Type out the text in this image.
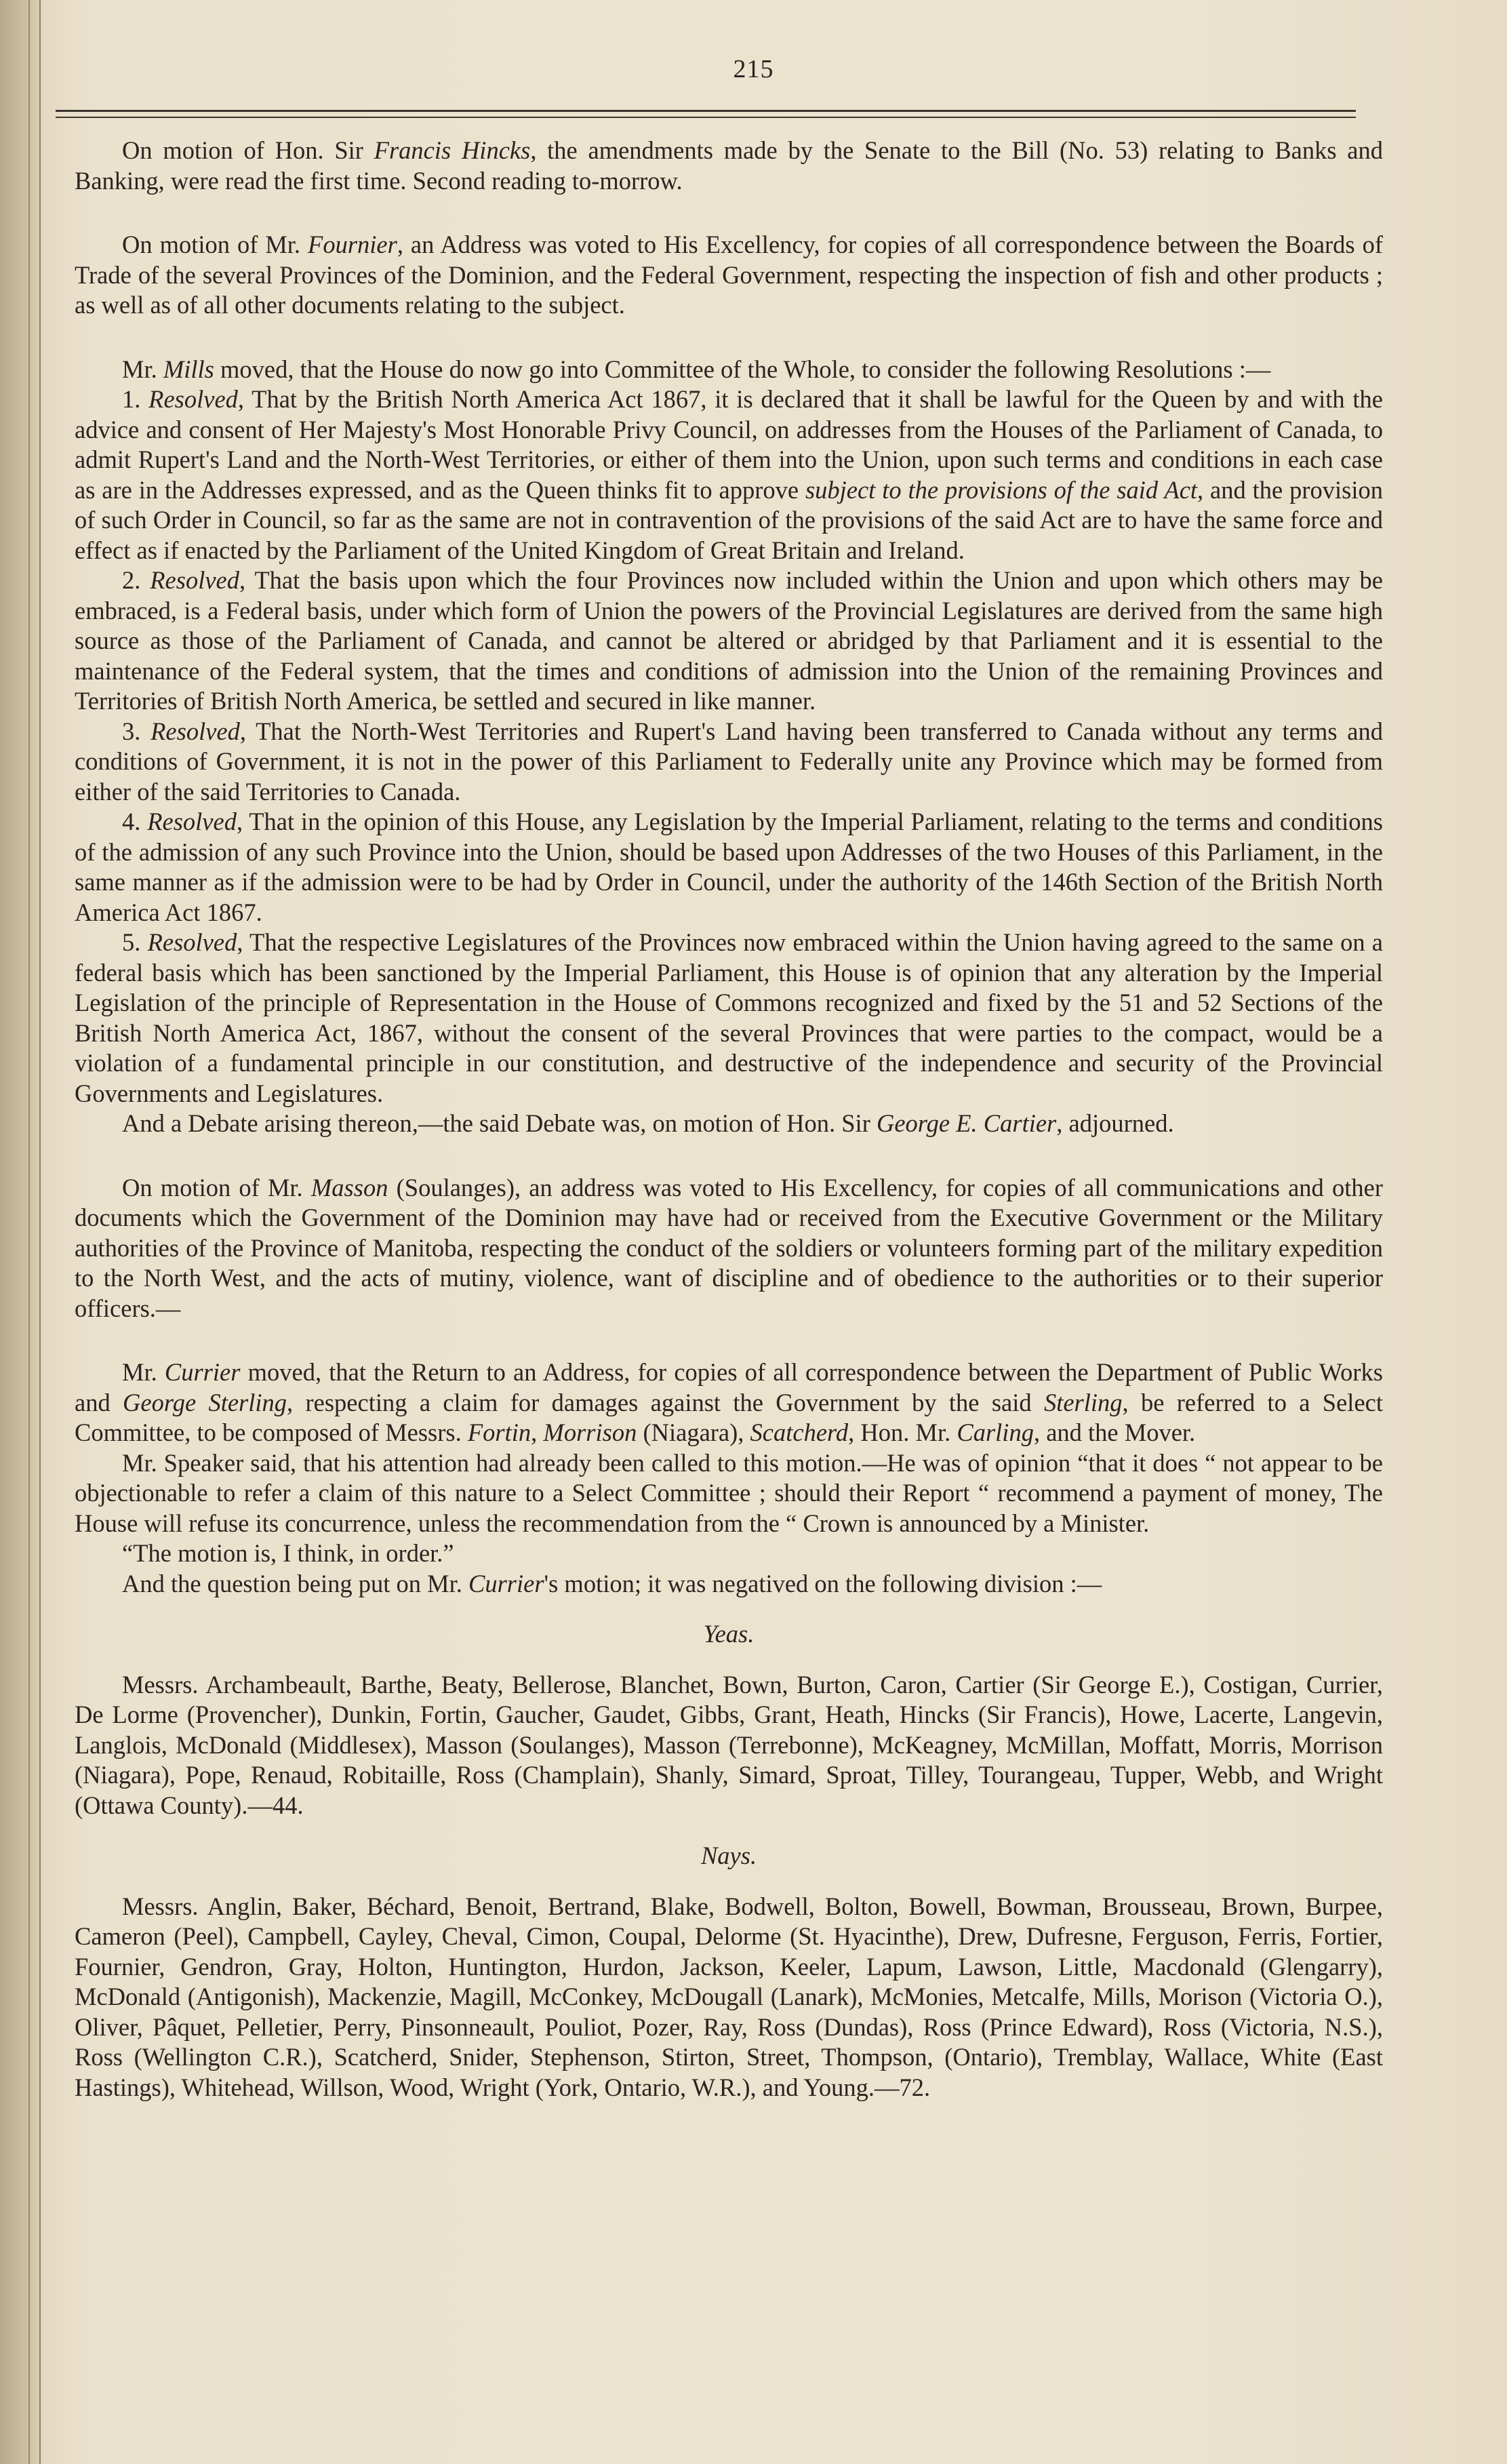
215

On motion of Hon. Sir Francis Hincks, the amendments made by the Senate to the Bill (No. 53) relating to Banks and Banking, were read the first time. Second reading to-morrow.

On motion of Mr. Fournier, an Address was voted to His Excellency, for copies of all correspondence between the Boards of Trade of the several Provinces of the Dominion, and the Federal Government, respecting the inspection of fish and other products ; as well as of all other documents relating to the subject.

Mr. Mills moved, that the House do now go into Committee of the Whole, to consider the following Resolutions :—

1. Resolved, That by the British North America Act 1867, it is declared that it shall be lawful for the Queen by and with the advice and consent of Her Majesty's Most Honorable Privy Council, on addresses from the Houses of the Parliament of Canada, to admit Rupert's Land and the North-West Territories, or either of them into the Union, upon such terms and conditions in each case as are in the Addresses expressed, and as the Queen thinks fit to approve subject to the provisions of the said Act, and the provision of such Order in Council, so far as the same are not in contravention of the provisions of the said Act are to have the same force and effect as if enacted by the Parliament of the United Kingdom of Great Britain and Ireland.

2. Resolved, That the basis upon which the four Provinces now included within the Union and upon which others may be embraced, is a Federal basis, under which form of Union the powers of the Provincial Legislatures are derived from the same high source as those of the Parliament of Canada, and cannot be altered or abridged by that Parliament and it is essential to the maintenance of the Federal system, that the times and conditions of admission into the Union of the remaining Provinces and Territories of British North America, be settled and secured in like manner.

3. Resolved, That the North-West Territories and Rupert's Land having been transferred to Canada without any terms and conditions of Government, it is not in the power of this Parliament to Federally unite any Province which may be formed from either of the said Territories to Canada.

4. Resolved, That in the opinion of this House, any Legislation by the Imperial Parliament, relating to the terms and conditions of the admission of any such Province into the Union, should be based upon Addresses of the two Houses of this Parliament, in the same manner as if the admission were to be had by Order in Council, under the authority of the 146th Section of the British North America Act 1867.

5. Resolved, That the respective Legislatures of the Provinces now embraced within the Union having agreed to the same on a federal basis which has been sanctioned by the Imperial Parliament, this House is of opinion that any alteration by the Imperial Legislation of the principle of Representation in the House of Commons recognized and fixed by the 51 and 52 Sections of the British North America Act, 1867, without the consent of the several Provinces that were parties to the compact, would be a violation of a fundamental principle in our constitution, and destructive of the independence and security of the Provincial Governments and Legislatures.

And a Debate arising thereon,—the said Debate was, on motion of Hon. Sir George E. Cartier, adjourned.

On motion of Mr. Masson (Soulanges), an address was voted to His Excellency, for copies of all communications and other documents which the Government of the Dominion may have had or received from the Executive Government or the Military authorities of the Province of Manitoba, respecting the conduct of the soldiers or volunteers forming part of the military expedition to the North West, and the acts of mutiny, violence, want of discipline and of obedience to the authorities or to their superior officers.—

Mr. Currier moved, that the Return to an Address, for copies of all correspondence between the Department of Public Works and George Sterling, respecting a claim for damages against the Government by the said Sterling, be referred to a Select Committee, to be composed of Messrs. Fortin, Morrison (Niagara), Scatcherd, Hon. Mr. Carling, and the Mover.

Mr. Speaker said, that his attention had already been called to this motion.—He was of opinion “that it does “ not appear to be objectionable to refer a claim of this nature to a Select Committee ; should their Report “ recommend a payment of money, The House will refuse its concurrence, unless the recommendation from the “ Crown is announced by a Minister.

“The motion is, I think, in order.”

And the question being put on Mr. Currier's motion; it was negatived on the following division :—

Yeas.

Messrs. Archambeault, Barthe, Beaty, Bellerose, Blanchet, Bown, Burton, Caron, Cartier (Sir George E.), Costigan, Currier, De Lorme (Provencher), Dunkin, Fortin, Gaucher, Gaudet, Gibbs, Grant, Heath, Hincks (Sir Francis), Howe, Lacerte, Langevin, Langlois, McDonald (Middlesex), Masson (Soulanges), Masson (Terrebonne), McKeagney, McMillan, Moffatt, Morris, Morrison (Niagara), Pope, Renaud, Robitaille, Ross (Champlain), Shanly, Simard, Sproat, Tilley, Tourangeau, Tupper, Webb, and Wright (Ottawa County).—44.

Nays.

Messrs. Anglin, Baker, Béchard, Benoit, Bertrand, Blake, Bodwell, Bolton, Bowell, Bowman, Brousseau, Brown, Burpee, Cameron (Peel), Campbell, Cayley, Cheval, Cimon, Coupal, Delorme (St. Hyacinthe), Drew, Dufresne, Ferguson, Ferris, Fortier, Fournier, Gendron, Gray, Holton, Huntington, Hurdon, Jackson, Keeler, Lapum, Lawson, Little, Macdonald (Glengarry), McDonald (Antigonish), Mackenzie, Magill, McConkey, McDougall (Lanark), McMonies, Metcalfe, Mills, Morison (Victoria O.), Oliver, Pâquet, Pelletier, Perry, Pinsonneault, Pouliot, Pozer, Ray, Ross (Dundas), Ross (Prince Edward), Ross (Victoria, N.S.), Ross (Wellington C.R.), Scatcherd, Snider, Stephenson, Stirton, Street, Thompson, (Ontario), Tremblay, Wallace, White (East Hastings), Whitehead, Willson, Wood, Wright (York, Ontario, W.R.), and Young.—72.
